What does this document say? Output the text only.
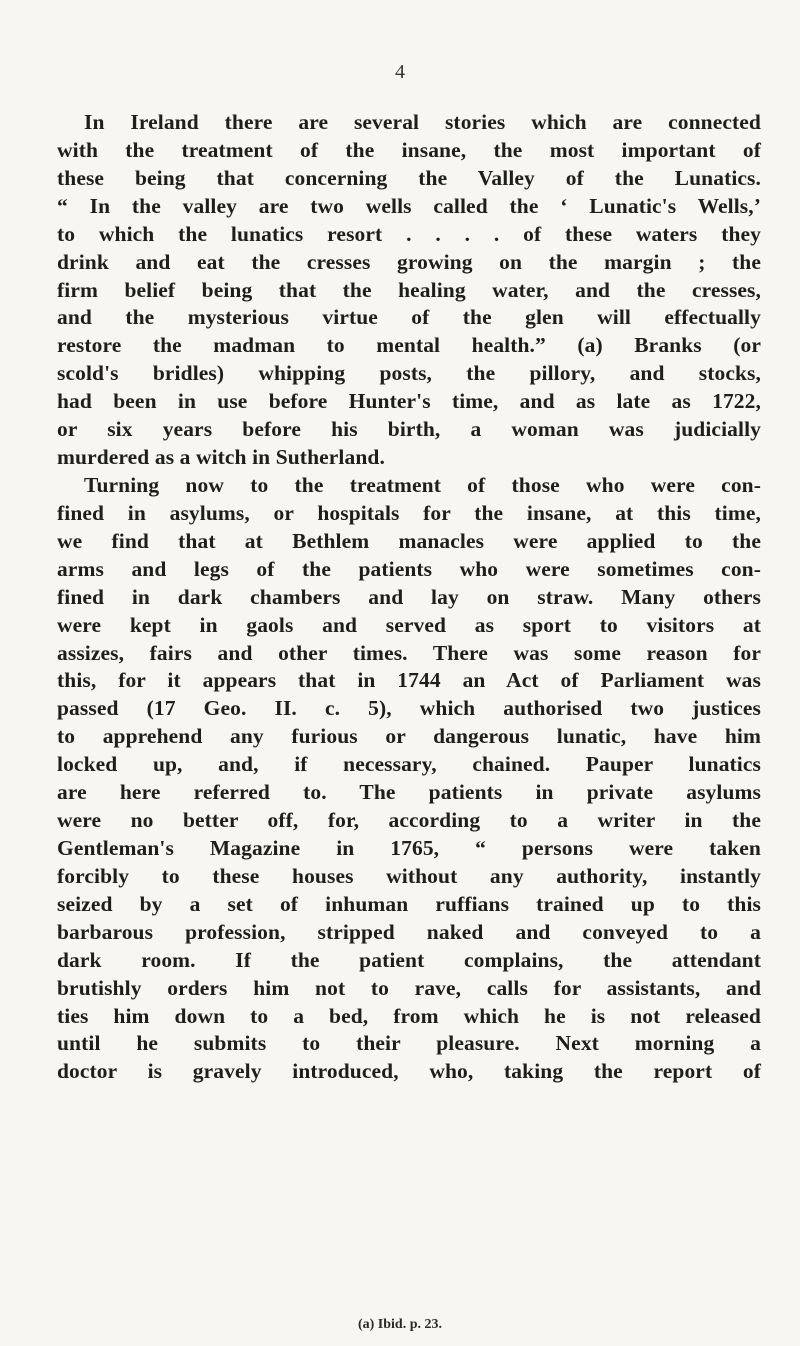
4
In Ireland there are several stories which are connected
with the treatment of the insane, the most important of
these being that concerning the Valley of the Lunatics.
“ In the valley are two wells called the ‘ Lunatic's Wells,’
to which the lunatics resort . . . . of these waters they
drink and eat the cresses growing on the margin ; the
firm belief being that the healing water, and the cresses,
and the mysterious virtue of the glen will effectually
restore the madman to mental health.” (a) Branks (or
scold's bridles) whipping posts, the pillory, and stocks,
had been in use before Hunter's time, and as late as 1722,
or six years before his birth, a woman was judicially
murdered as a witch in Sutherland.
Turning now to the treatment of those who were con-
fined in asylums, or hospitals for the insane, at this time,
we find that at Bethlem manacles were applied to the
arms and legs of the patients who were sometimes con-
fined in dark chambers and lay on straw. Many others
were kept in gaols and served as sport to visitors at
assizes, fairs and other times. There was some reason for
this, for it appears that in 1744 an Act of Parliament was
passed (17 Geo. II. c. 5), which authorised two justices
to apprehend any furious or dangerous lunatic, have him
locked up, and, if necessary, chained. Pauper lunatics
are here referred to. The patients in private asylums
were no better off, for, according to a writer in the
Gentleman's Magazine in 1765, “ persons were taken
forcibly to these houses without any authority, instantly
seized by a set of inhuman ruffians trained up to this
barbarous profession, stripped naked and conveyed to a
dark room. If the patient complains, the attendant
brutishly orders him not to rave, calls for assistants, and
ties him down to a bed, from which he is not released
until he submits to their pleasure. Next morning a
doctor is gravely introduced, who, taking the report of
(a) Ibid. p. 23.
